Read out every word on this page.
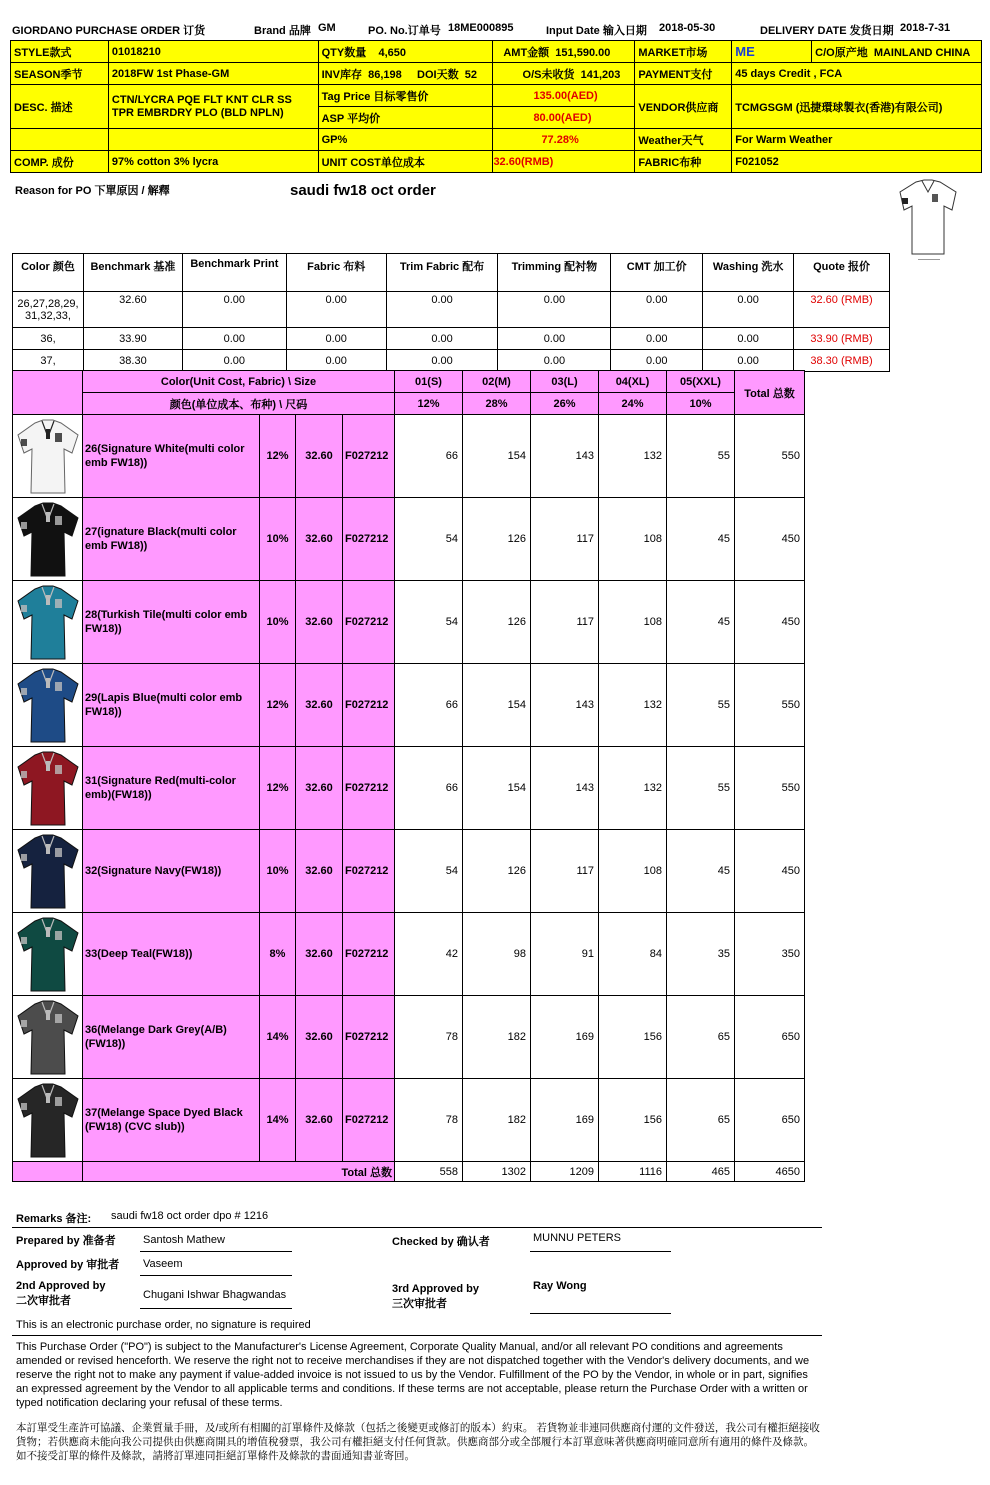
GIORDANO PURCHASE ORDER 订货	Brand 品牌 GM	PO. No.订单号 18ME000895	Input Date 输入日期 2018-05-30	DELIVERY DATE 发货日期 2018-7-31
STYLE款式	01018210	QTY数量 4,650	AMT金额 151,590.00	MARKET市场	ME	C/O原产地 MAINLAND CHINA
SEASON季节	2018FW 1st Phase-GM	INV库存 86,198 DOI天数 52	O/S未收货 141,203	PAYMENT支付	45 days Credit , FCA	
DESC. 描述	CTN/LYCRA PQE FLT KNT CLR SS TPR EMBRDRY PLO (BLD NPLN)	Tag Price 目标零售价	135.00(AED)	VENDOR供应商	TCMGSGM (迅捷環球製衣(香港)有限公司)	
		ASP 平均价	80.00(AED)			
		GP%	77.28%	Weather天气	For Warm Weather	
COMP. 成份	97% cotton 3% lycra	UNIT COST单位成本	32.60(RMB)	FABRIC布种	F021052	
Reason for PO 下單原因 / 解釋	saudi fw18 oct order
Color 颜色	Benchmark 基准	Benchmark Print	Fabric 布料	Trim Fabric 配布	Trimming 配衬物	CMT 加工价	Washing 洗水	Quote 报价
26,27,28,29, 31,32,33,	32.60	0.00	0.00	0.00	0.00	0.00	0.00	32.60 (RMB)
36,	33.90	0.00	0.00	0.00	0.00	0.00	0.00	33.90 (RMB)
37,	38.30	0.00	0.00	0.00	0.00	0.00	0.00	38.30 (RMB)
	Color(Unit Cost, Fabric) \ Size				01(S)	02(M)	03(L)	04(XL)	05(XXL)	Total 总数
	颜色(单位成本、布种) \ 尺码				12%	28%	26%	24%	10%	

	26(Signature White(multi color emb FW18))	12%	32.60	F027212	66	154	143	132	55	550

	27(ignature Black(multi color emb FW18))	10%	32.60	F027212	54	126	117	108	45	450

	28(Turkish Tile(multi color emb FW18))	10%	32.60	F027212	54	126	117	108	45	450

	29(Lapis Blue(multi color emb FW18))	12%	32.60	F027212	66	154	143	132	55	550

	31(Signature Red(multi-color emb)(FW18))	12%	32.60	F027212	66	154	143	132	55	550

	32(Signature Navy(FW18))	10%	32.60	F027212	54	126	117	108	45	450

	33(Deep Teal(FW18))	8%	32.60	F027212	42	98	91	84	35	350

	36(Melange Dark Grey(A/B)(FW18))	14%	32.60	F027212	78	182	169	156	65	650

	37(Melange Space Dyed Black (FW18) (CVC slub))	14%	32.60	F027212	78	182	169	156	65	650
	Total 总数				558	1302	1209	1116	465	4650
Remarks 备注: saudi fw18 oct order dpo # 1216
Prepared by 准备者 Santosh Mathew	Checked by 确认者	MUNNU PETERS
Approved by 审批者 Vaseem
2nd Approved by
二次审批者	Chugani Ishwar Bhagwandas	3rd Approved by
三次审批者
Ray Wong
This is an electronic purchase order, no signature is required
This Purchase Order ("PO") is subject to the Manufacturer's License Agreement, Corporate Quality Manual, and/or all relevant PO conditions and agreements amended or revised henceforth. We reserve the right not to receive merchandises if they are not dispatched together with the Vendor's delivery documents, and we reserve the right not to make any payment if value-added invoice is not issued to us by the Vendor. Fulfillment of the PO by the Vendor, in whole or in part, signifies an expressed agreement by the Vendor to all applicable terms and conditions. If these terms are not acceptable, please return the Purchase Order with a written or typed notification declaring your refusal of these terms.
本訂單受生產許可協議、企業質量手冊，及/或所有相關的訂單條件及條款（包括之後變更或修訂的版本）約束。 若貨物並非連同供應商付運的文件發送，我公司有權拒絕接收貨物；若供應商未能向我公司提供由供應商開具的增值稅發票，我公司有權拒絕支付任何貨款。供應商部分或全部履行本訂單意味著供應商明確同意所有適用的條件及條款。如不接受訂單的條件及條款，請將訂單連同拒絕訂單條件及條款的書面通知書並寄回。
